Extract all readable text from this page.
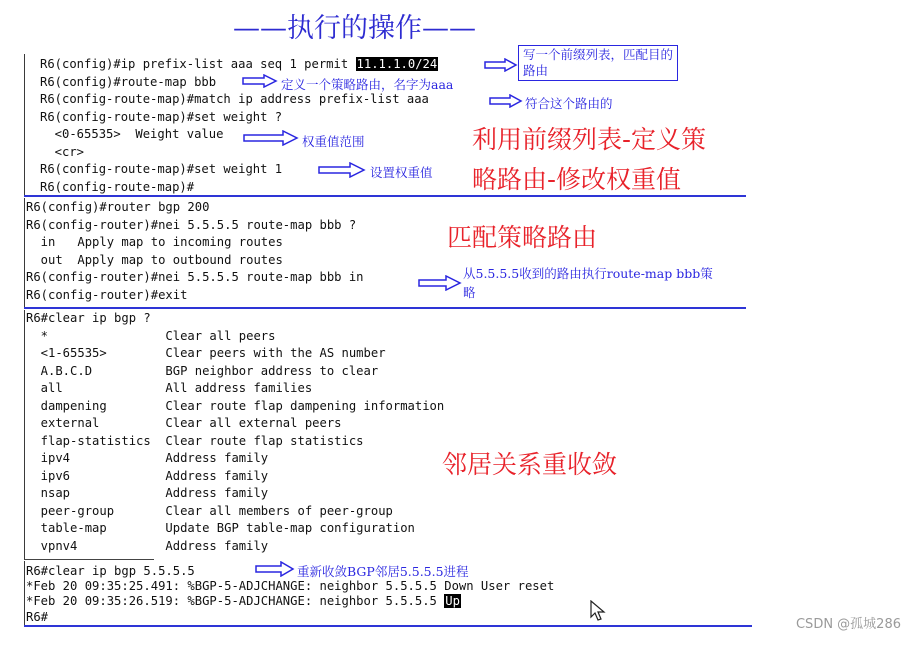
——执行的操作——
R6(config)#ip prefix-list aaa seq 1 permit 11.1.1.0/24
R6(config)#route-map bbb
R6(config-route-map)#match ip address prefix-list aaa
R6(config-route-map)#set weight ?
<0-65535>  Weight value
<cr>
R6(config-route-map)#set weight 1
R6(config-route-map)#
R6(config)#router bgp 200
R6(config-router)#nei 5.5.5.5 route-map bbb ?
in   Apply map to incoming routes
out  Apply map to outbound routes
R6(config-router)#nei 5.5.5.5 route-map bbb in
R6(config-router)#exit
R6#clear ip bgp ?
*                Clear all peers
<1-65535>        Clear peers with the AS number
A.B.C.D          BGP neighbor address to clear
all              All address families
dampening        Clear route flap dampening information
external         Clear all external peers
flap-statistics  Clear route flap statistics
ipv4             Address family
ipv6             Address family
nsap             Address family
peer-group       Clear all members of peer-group
table-map        Update BGP table-map configuration
vpnv4            Address family
R6#clear ip bgp 5.5.5.5
*Feb 20 09:35:25.491: %BGP-5-ADJCHANGE: neighbor 5.5.5.5 Down User reset
*Feb 20 09:35:26.519: %BGP-5-ADJCHANGE: neighbor 5.5.5.5 Up
R6#
写一个前缀列表，匹配目的路由
定义一个策略路由，名字为aaa
符合这个路由的
权重值范围
设置权重值
从5.5.5.5收到的路由执行route-map bbb策略
重新收敛BGP邻居5.5.5.5进程
利用前缀列表-定义策
略路由-修改权重值
匹配策略路由
邻居关系重收敛
CSDN @孤城286
